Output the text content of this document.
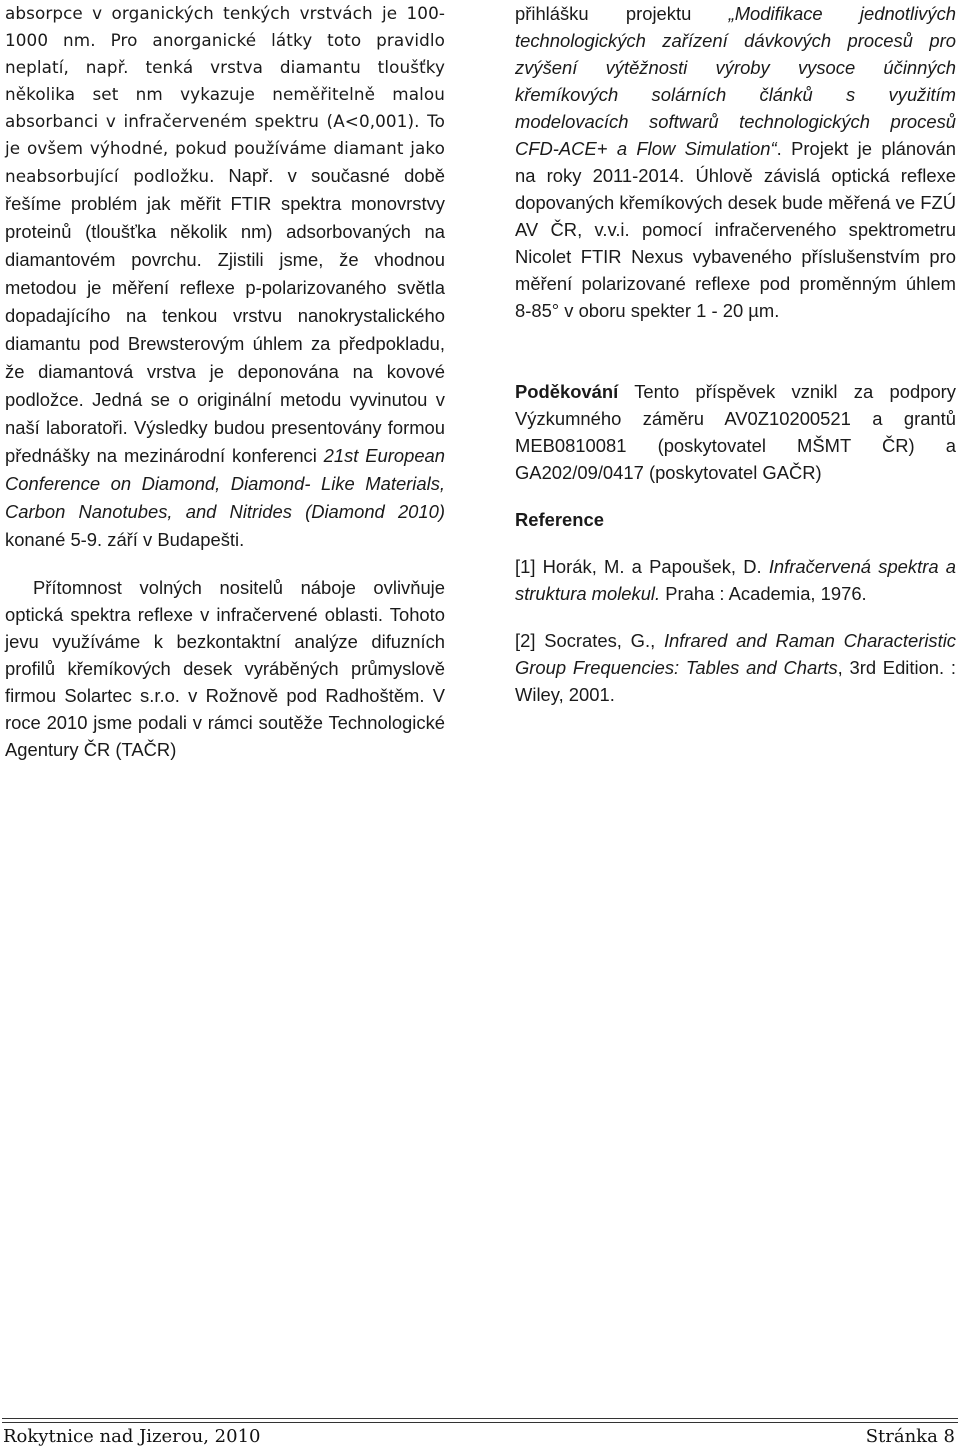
absorpce v organických tenkých vrstvách je 100-1000 nm. Pro anorganické látky toto pravidlo neplatí, např. tenká vrstva diamantu tloušťky několika set nm vykazuje neměřitelně malou absorbanci v infračerveném spektru (A<0,001). To je ovšem výhodné, pokud používáme diamant jako neabsorbující podložku. Např. v současné době řešíme problém jak měřit FTIR spektra monovrstvy proteinů (tloušťka několik nm) adsorbovaných na diamantovém povrchu. Zjistili jsme, že vhodnou metodou je měření reflexe p-polarizovaného světla dopadajícího na tenkou vrstvu nanokrystalického diamantu pod Brewsterovým úhlem za předpokladu, že diamantová vrstva je deponována na kovové podložce. Jedná se o originální metodu vyvinutou v naší laboratoři. Výsledky budou presentovány formou přednášky na mezinárodní konferenci 21st European Conference on Diamond, Diamond- Like Materials, Carbon Nanotubes, and Nitrides (Diamond 2010) konané 5-9. září v Budapešti.

Přítomnost volných nositelů náboje ovlivňuje optická spektra reflexe v infračervené oblasti. Tohoto jevu využíváme k bezkontaktní analýze difuzních profilů křemíkových desek vyráběných průmyslově firmou Solartec s.r.o. v Rožnově pod Radhoštěm. V roce 2010 jsme podali v rámci soutěže Technologické Agentury ČR (TAČR)

přihlášku projektu „Modifikace jednotlivých technologických zařízení dávkových procesů pro zvýšení výtěžnosti výroby vysoce účinných křemíkových solárních článků s využitím modelovacích softwarů technologických procesů CFD-ACE+ a Flow Simulation“. Projekt je plánován na roky 2011-2014. Úhlově závislá optická reflexe dopovaných křemíkových desek bude měřená ve FZÚ AV ČR, v.v.i. pomocí infračerveného spektrometru Nicolet FTIR Nexus vybaveného příslušenstvím pro měření polarizované reflexe pod proměnným úhlem 8-85° v oboru spekter 1 - 20 µm.

Poděkování Tento příspěvek vznikl za podpory Výzkumného záměru AV0Z10200521 a grantů MEB0810081 (poskytovatel MŠMT ČR) a GA202/09/0417 (poskytovatel GAČR)

Reference

[1] Horák, M. a Papoušek, D. Infračervená spektra a struktura molekul. Praha : Academia, 1976.

[2] Socrates, G., Infrared and Raman Characteristic Group Frequencies: Tables and Charts, 3rd Edition. : Wiley, 2001.

Rokytnice nad Jizerou, 2010	Stránka 8
